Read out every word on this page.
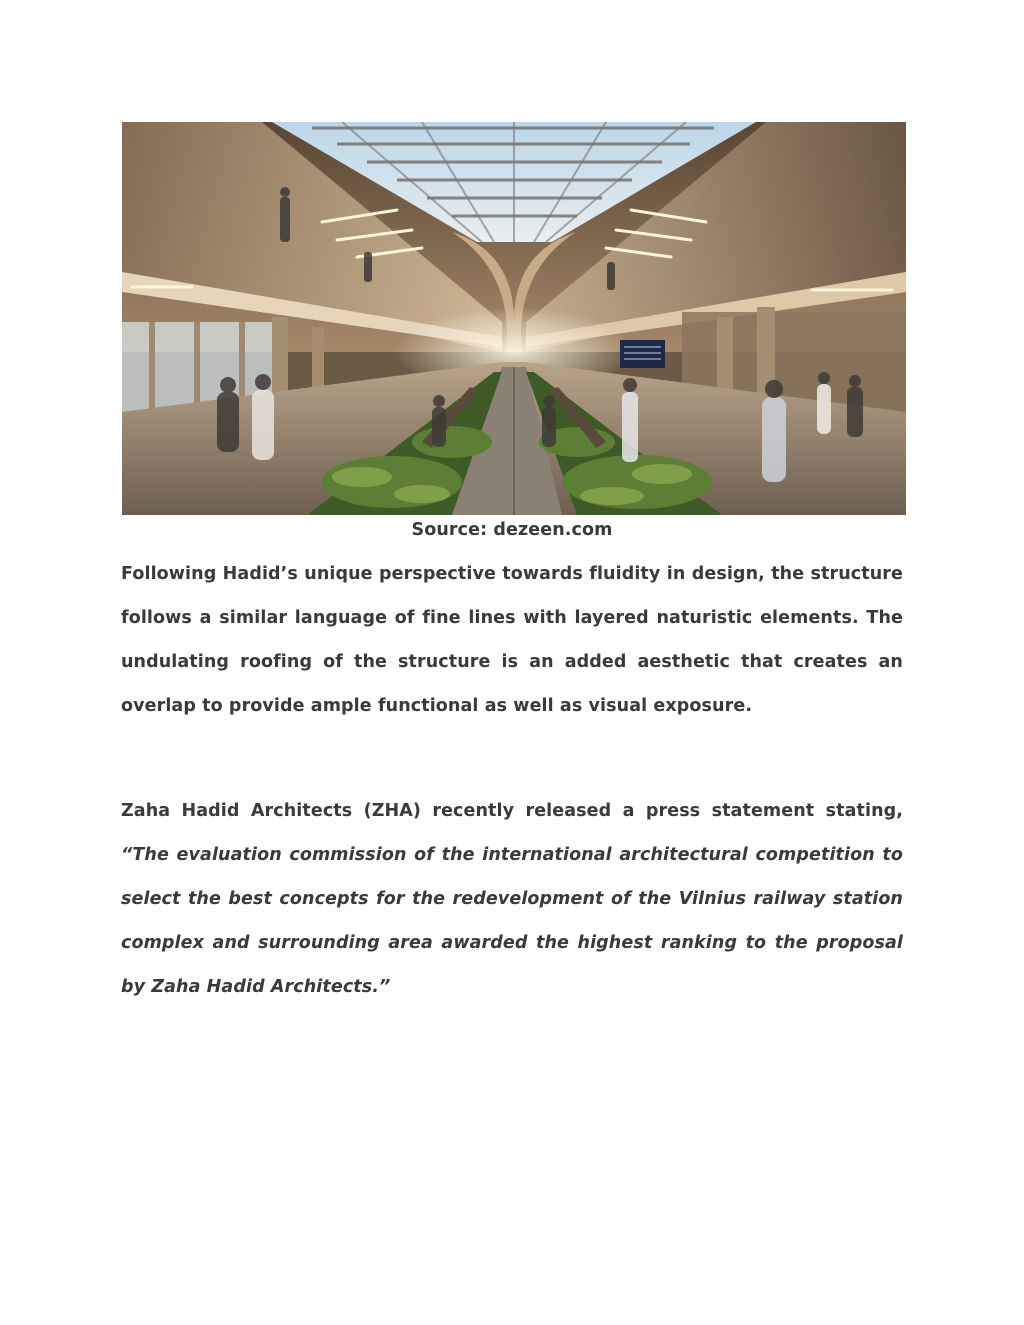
Source: dezeen.com

Following Hadid’s unique perspective towards fluidity in design, the structure follows a similar language of fine lines with layered naturistic elements. The undulating roofing of the structure is an added aesthetic that creates an overlap to provide ample functional as well as visual exposure.

Zaha Hadid Architects (ZHA) recently released a press statement stating, “The evaluation commission of the international architectural competition to select the best concepts for the redevelopment of the Vilnius railway station complex and surrounding area awarded the highest ranking to the proposal by Zaha Hadid Architects.”
